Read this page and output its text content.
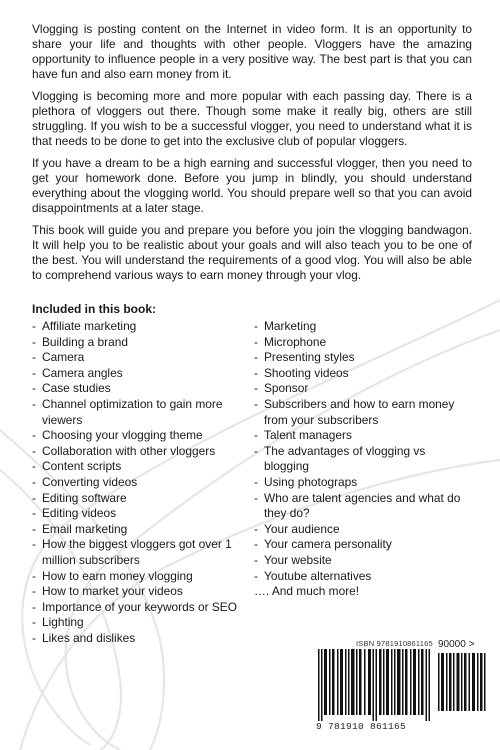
Vlogging is posting content on the Internet in video form. It is an opportunity to share your life and thoughts with other people. Vloggers have the amazing opportunity to influence people in a very positive way. The best part is that you can have fun and also earn money from it.

Vlogging is becoming more and more popular with each passing day. There is a plethora of vloggers out there. Though some make it really big, others are still struggling. If you wish to be a successful vlogger, you need to understand what it is that needs to be done to get into the exclusive club of popular vloggers.

If you have a dream to be a high earning and successful vlogger, then you need to get your homework done. Before you jump in blindly, you should understand everything about the vlogging world. You should prepare well so that you can avoid disappointments at a later stage.

This book will guide you and prepare you before you join the vlogging bandwagon. It will help you to be realistic about your goals and will also teach you to be one of the best. You will understand the requirements of a good vlog. You will also be able to comprehend various ways to earn money through your vlog.

Included in this book:
- Affiliate marketing
- Building a brand
- Camera
- Camera angles
- Case studies
- Channel optimization to gain more viewers
- Choosing your vlogging theme
- Collaboration with other vloggers
- Content scripts
- Converting videos
- Editing software
- Editing videos
- Email marketing
- How the biggest vloggers got over 1 million subscribers
- How to earn money vlogging
- How to market your videos
- Importance of your keywords or SEO
- Lighting
- Likes and dislikes
- Marketing
- Microphone
- Presenting styles
- Shooting videos
- Sponsor
- Subscribers and how to earn money from your subscribers
- Talent managers
- The advantages of vlogging vs blogging
- Using photograps
- Who are talent agencies and what do they do?
- Your audience
- Your camera personality
- Your website
- Youtube alternatives
…. And much more!
ISBN 9781910861165 90000 >
9 781910 861165
